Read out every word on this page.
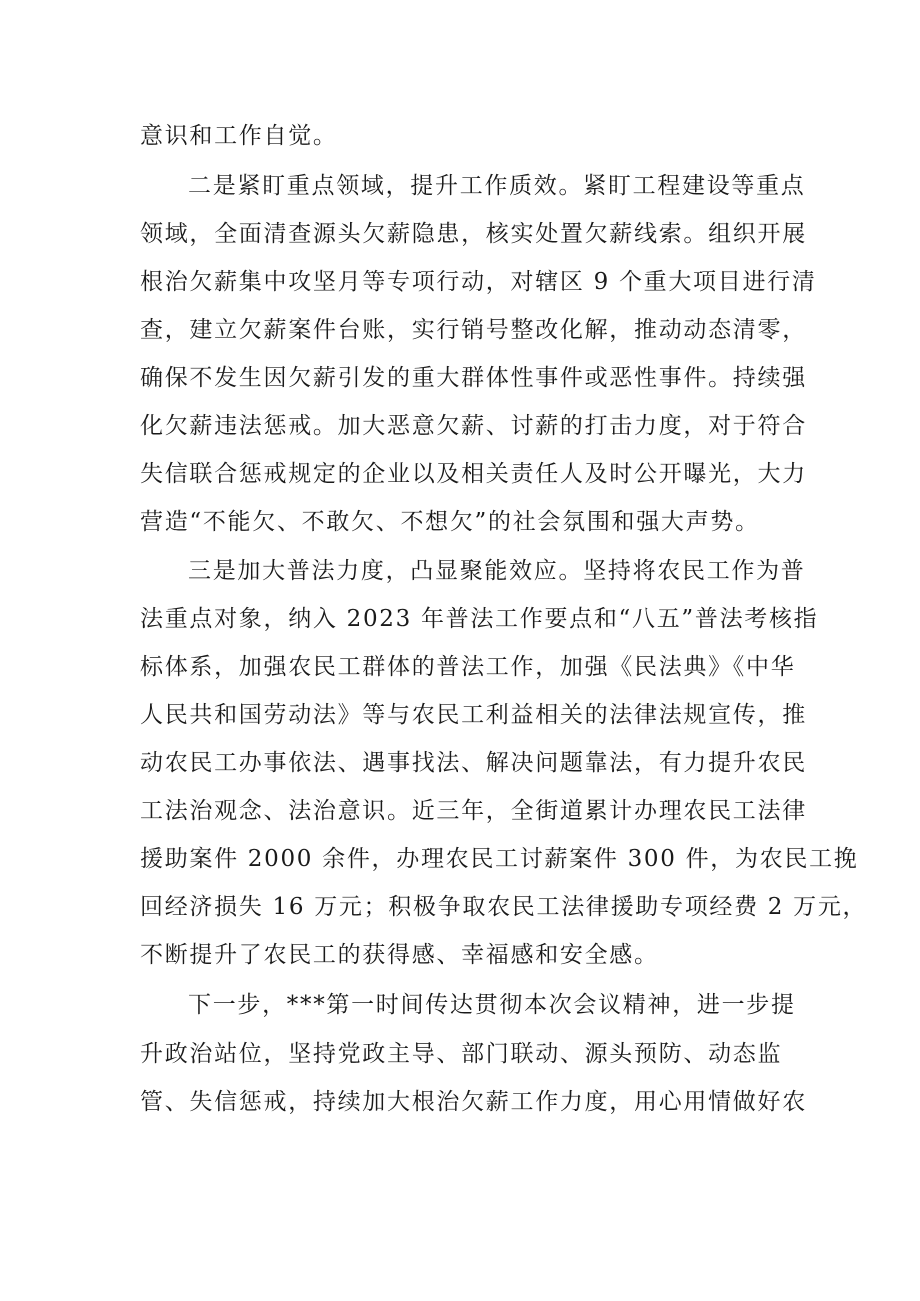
意识和工作自觉。
二是紧盯重点领域，提升工作质效。紧盯工程建设等重点
领域，全面清查源头欠薪隐患，核实处置欠薪线索。组织开展
根治欠薪集中攻坚月等专项行动，对辖区 9 个重大项目进行清
查，建立欠薪案件台账，实行销号整改化解，推动动态清零，
确保不发生因欠薪引发的重大群体性事件或恶性事件。持续强
化欠薪违法惩戒。加大恶意欠薪、讨薪的打击力度，对于符合
失信联合惩戒规定的企业以及相关责任人及时公开曝光，大力
营造“不能欠、不敢欠、不想欠”的社会氛围和强大声势。
三是加大普法力度，凸显聚能效应。坚持将农民工作为普
法重点对象，纳入 2023 年普法工作要点和“八五”普法考核指
标体系，加强农民工群体的普法工作，加强《民法典》《中华
人民共和国劳动法》等与农民工利益相关的法律法规宣传，推
动农民工办事依法、遇事找法、解决问题靠法，有力提升农民
工法治观念、法治意识。近三年，全街道累计办理农民工法律
援助案件 2000 余件，办理农民工讨薪案件 300 件，为农民工挽
回经济损失 16 万元；积极争取农民工法律援助专项经费 2 万元，
不断提升了农民工的获得感、幸福感和安全感。
下一步，***第一时间传达贯彻本次会议精神，进一步提
升政治站位，坚持党政主导、部门联动、源头预防、动态监
管、失信惩戒，持续加大根治欠薪工作力度，用心用情做好农
